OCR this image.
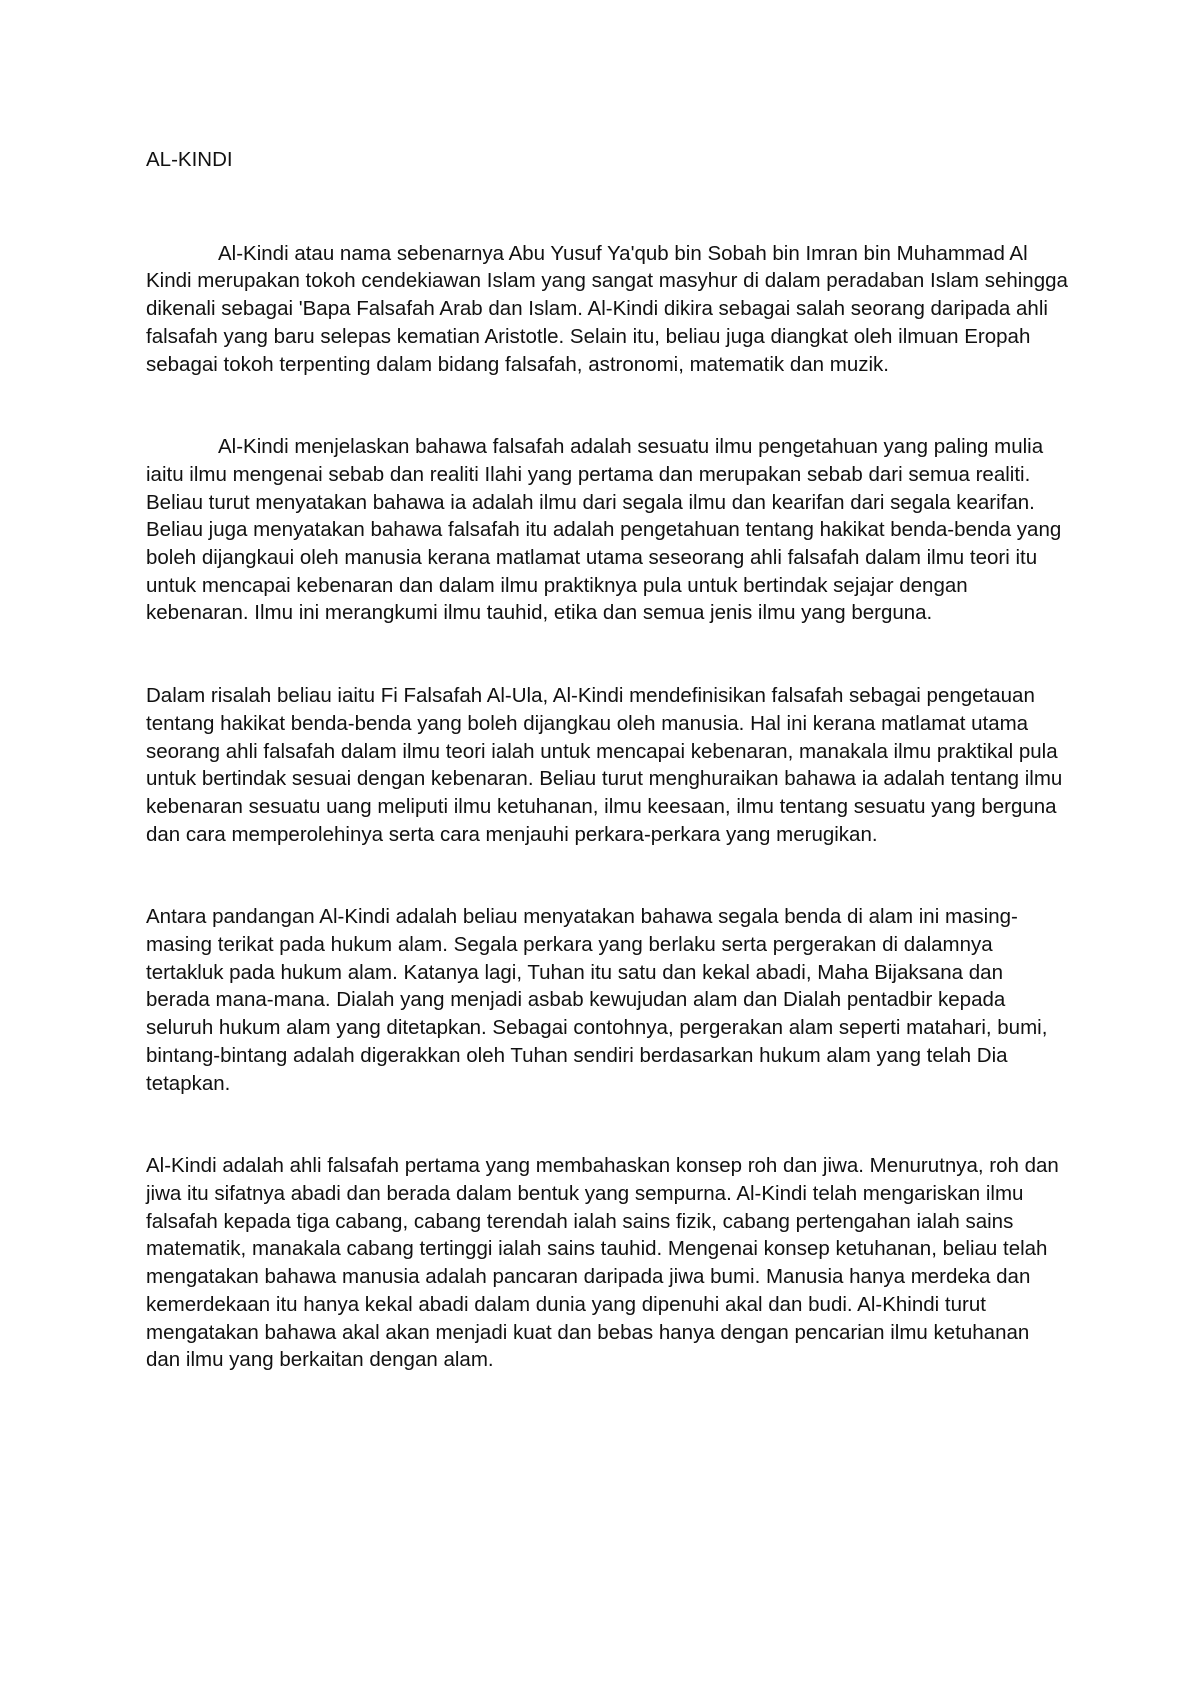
AL-KINDI

Al-Kindi atau nama sebenarnya Abu Yusuf Ya'qub bin Sobah bin Imran bin Muhammad Al Kindi merupakan tokoh cendekiawan Islam yang sangat masyhur di dalam peradaban Islam sehingga dikenali sebagai 'Bapa Falsafah Arab dan Islam. Al-Kindi dikira sebagai salah seorang daripada ahli falsafah yang baru selepas kematian Aristotle. Selain itu, beliau juga diangkat oleh ilmuan Eropah sebagai tokoh terpenting dalam bidang falsafah, astronomi, matematik dan muzik.

Al-Kindi menjelaskan bahawa falsafah adalah sesuatu ilmu pengetahuan yang paling mulia iaitu ilmu mengenai sebab dan realiti Ilahi yang pertama dan merupakan sebab dari semua realiti. Beliau turut menyatakan bahawa ia adalah ilmu dari segala ilmu dan kearifan dari segala kearifan. Beliau juga menyatakan bahawa falsafah itu adalah pengetahuan tentang hakikat benda-benda yang boleh dijangkaui oleh manusia kerana matlamat utama seseorang ahli falsafah dalam ilmu teori itu untuk mencapai kebenaran dan dalam ilmu praktiknya pula untuk bertindak sejajar dengan kebenaran. Ilmu ini merangkumi ilmu tauhid, etika dan semua jenis ilmu yang berguna.

Dalam risalah beliau iaitu Fi Falsafah Al-Ula, Al-Kindi mendefinisikan falsafah sebagai pengetauan tentang hakikat benda-benda yang boleh dijangkau oleh manusia. Hal ini kerana matlamat utama seorang ahli falsafah dalam ilmu teori ialah untuk mencapai kebenaran, manakala ilmu praktikal pula untuk bertindak sesuai dengan kebenaran. Beliau turut menghuraikan bahawa ia adalah tentang ilmu kebenaran sesuatu uang meliputi ilmu ketuhanan, ilmu keesaan, ilmu tentang sesuatu yang berguna dan cara memperolehinya serta cara menjauhi perkara-perkara yang merugikan.

Antara pandangan Al-Kindi adalah beliau menyatakan bahawa segala benda di alam ini masing-masing terikat pada hukum alam. Segala perkara yang berlaku serta pergerakan di dalamnya tertakluk pada hukum alam. Katanya lagi, Tuhan itu satu dan kekal abadi, Maha Bijaksana dan berada mana-mana. Dialah yang menjadi asbab kewujudan alam dan Dialah pentadbir kepada seluruh hukum alam yang ditetapkan. Sebagai contohnya, pergerakan alam seperti matahari, bumi, bintang-bintang adalah digerakkan oleh Tuhan sendiri berdasarkan hukum alam yang telah Dia tetapkan.

Al-Kindi adalah ahli falsafah pertama yang membahaskan konsep roh dan jiwa. Menurutnya, roh dan jiwa itu sifatnya abadi dan berada dalam bentuk yang sempurna. Al-Kindi telah mengariskan ilmu falsafah kepada tiga cabang, cabang terendah ialah sains fizik, cabang pertengahan ialah sains matematik, manakala cabang tertinggi ialah sains tauhid. Mengenai konsep ketuhanan, beliau telah mengatakan bahawa manusia adalah pancaran daripada jiwa bumi. Manusia hanya merdeka dan kemerdekaan itu hanya kekal abadi dalam dunia yang dipenuhi akal dan budi. Al-Khindi turut mengatakan bahawa akal akan menjadi kuat dan bebas hanya dengan pencarian ilmu ketuhanan dan ilmu yang berkaitan dengan alam.
